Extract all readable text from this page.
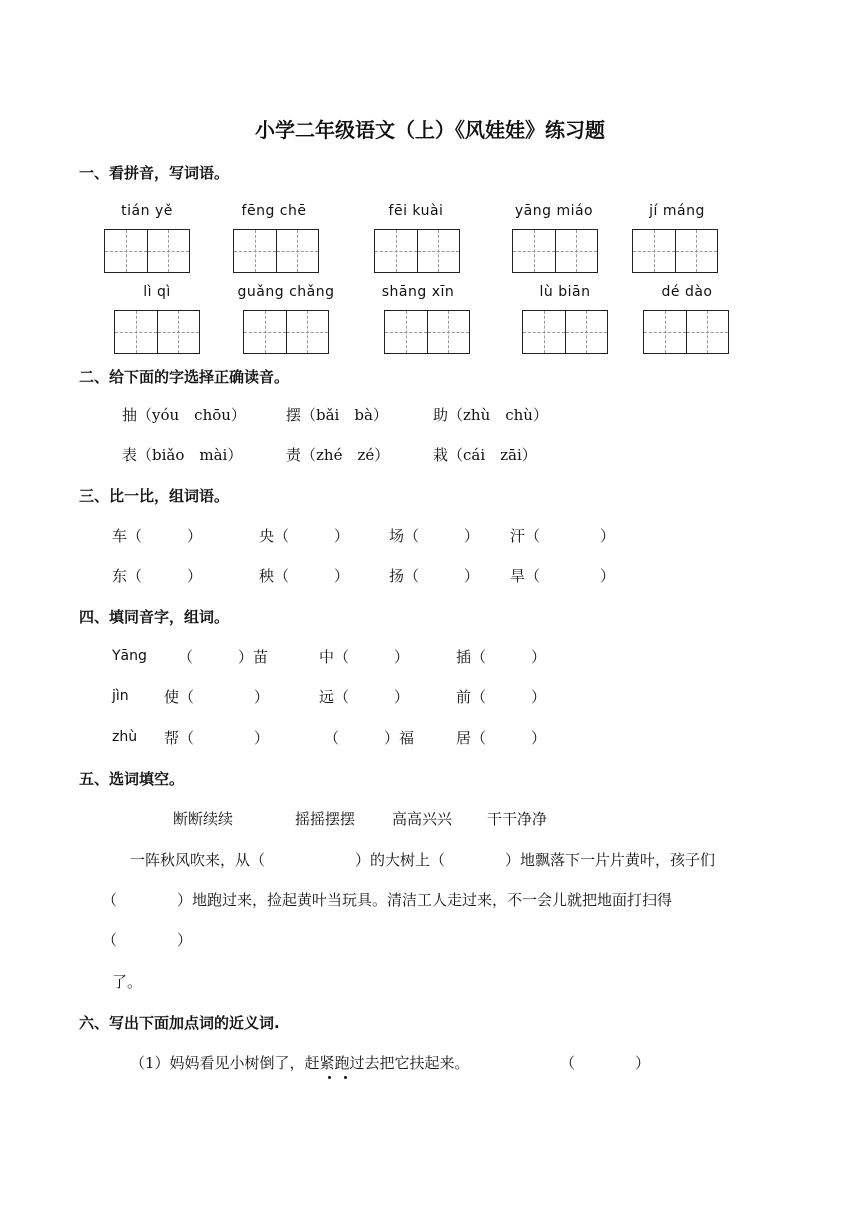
小学二年级语文（上）《风娃娃》练习题
一、看拼音，写词语。
tián yě	fēng chē	fēi kuài	yāng miáo	jí máng
lì qì	guǎng chǎng	shāng xīn	lù biān	dé dào
二、给下面的字选择正确读音。
抽（yóu　chōu）	摆（bǎi　bà）	助（zhù　chù）
表（biǎo　mài）	责（zhé　zé）	栽（cái　zāi）
三、比一比，组词语。
车（　　　）	央（　　　）	场（　　　） 汗（　　　　）
东（　　　）	秧（　　　）	扬（　　　） 旱（　　　　）
四、填同音字，组词。
Yāng （　　　）苗	中（　　　）	插（　　　）
jìn 使（　　　　）	远（　　　）	前（　　　）
zhù 帮（　　　　）	（　　　）福	居（　　　）
五、选词填空。
断断续续	摇摇摆摆 高高兴兴 干干净净
一阵秋风吹来，从（　　　　　　）的大树上（　　　　）地飘落下一片片黄叶，孩子们
（　　　　）地跑过来，捡起黄叶当玩具。清洁工人走过来，不一会儿就把地面打扫得
（　　　　）
了。
六、写出下面加点词的近义词.
（1）妈妈看见小树倒了，赶紧跑过去把它扶起来。	（　　　　）
